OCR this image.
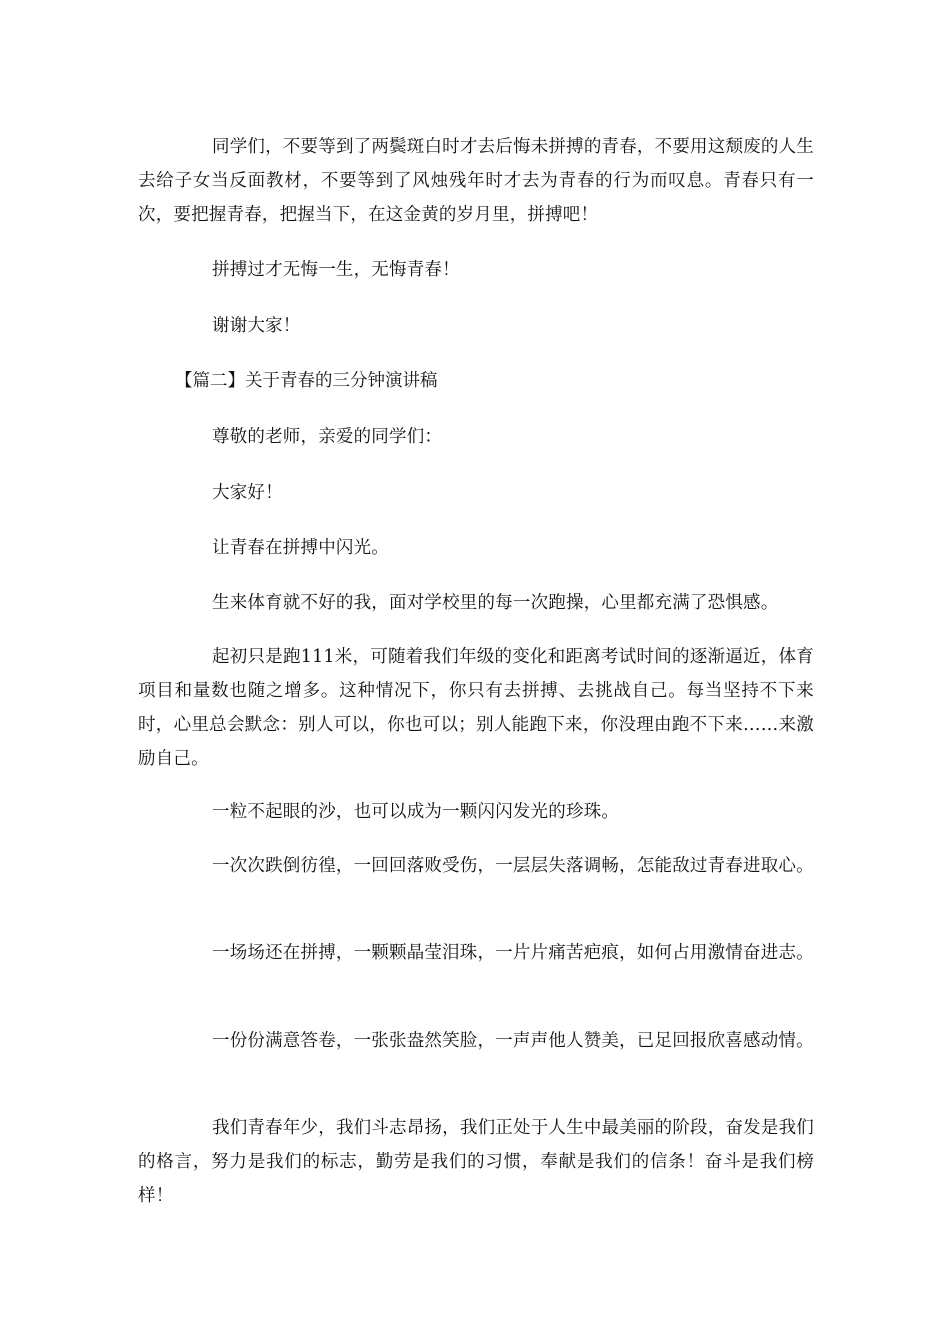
同学们，不要等到了两鬓斑白时才去后悔未拼搏的青春，不要用这颓废的人生去给子女当反面教材，不要等到了风烛残年时才去为青春的行为而叹息。青春只有一次，要把握青春，把握当下，在这金黄的岁月里，拼搏吧！

拼搏过才无悔一生，无悔青春！

谢谢大家！

【篇二】关于青春的三分钟演讲稿

尊敬的老师，亲爱的同学们：

大家好！

让青春在拼搏中闪光。

生来体育就不好的我，面对学校里的每一次跑操，心里都充满了恐惧感。

起初只是跑111米，可随着我们年级的变化和距离考试时间的逐渐逼近，体育项目和量数也随之增多。这种情况下，你只有去拼搏、去挑战自己。每当坚持不下来时，心里总会默念：别人可以，你也可以；别人能跑下来，你没理由跑不下来……来激励自己。

一粒不起眼的沙，也可以成为一颗闪闪发光的珍珠。

一次次跌倒彷徨，一回回落败受伤，一层层失落调畅，怎能敌过青春进取心。

一场场还在拼搏，一颗颗晶莹泪珠，一片片痛苦疤痕，如何占用激情奋进志。

一份份满意答卷，一张张盎然笑脸，一声声他人赞美，已足回报欣喜感动情。

我们青春年少，我们斗志昂扬，我们正处于人生中最美丽的阶段，奋发是我们的格言，努力是我们的标志，勤劳是我们的习惯，奉献是我们的信条！奋斗是我们榜样！
